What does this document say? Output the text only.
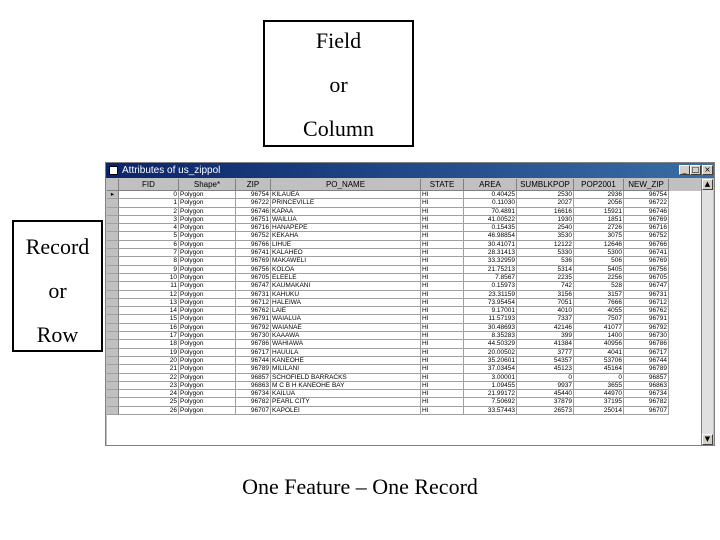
Field
or
Column
Attributes of us_zippol	_ □ ×
FID	Shape*	ZIP	PO_NAME	STATE	AREA	SUMBLKPOP	POP2001	NEW_ZIP
▸	0 Polygon	96754 KILAUEA	HI	0.40425	2530	2936	96754
1 Polygon	96722 PRINCEVILLE	HI	0.11030	2027	2056	96722
2 Polygon	96746 KAPAA	HI	70.4891	16616	15921	96746
3 Polygon	96751 WAILUA	HI	41.00522	1930	1851	96769
4 Polygon	96716 HANAPEPE	HI	0.15435	2540	2726	96716
5 Polygon	96752 KEKAHA	HI	46.98854	3530	3075	96752
6 Polygon	96766 LIHUE	HI	30.41071	12122	12646	96766
7 Polygon	96741 KALAHEO	HI	28.31413	5330	5300	96741
8 Polygon	96769 MAKAWELI	HI	33.32959	536	506	96769
9 Polygon	96756 KOLOA	HI	21.75213	5314	5405	96756
10 Polygon	96705 ELEELE	HI	7.8567	2235	2256	96705
11 Polygon	96747 KAUMAKANI	HI	0.15973	742	528	96747
12 Polygon	96731 KAHUKU	HI	23.31159	3156	3157	96731
13 Polygon	96712 HALEIWA	HI	73.95454	7051	7666	96712
14 Polygon	96762 LAIE	HI	9.17001	4010	4055	96762
15 Polygon	96791 WAIALUA	HI	11.57193	7337	7507	96791
16 Polygon	96792 WAIANAE	HI	30.48693	42146	41077	96792
17 Polygon	96730 KAAAWA	HI	8.35283	399	1400	96730
18 Polygon	96786 WAHIAWA	HI	44.50329	41384	40956	96786
19 Polygon	96717 HAUULA	HI	20.00502	3777	4041	96717
20 Polygon	96744 KANEOHE	HI	35.20601	54357	53706	96744
21 Polygon	96789 MILILANI	HI	37.03454	45123	45164	96789
22 Polygon	96857 SCHOFIELD BARRACKS	HI	3.00001	0	0	96857
23 Polygon	96863 M C B H KANEOHE BAY	HI	1.09455	9937	3655	96863
24 Polygon	96734 KAILUA	HI	21.99172	45440	44970	96734
25 Polygon	96782 PEARL CITY	HI	7.50692	37879	37195	96782
26 Polygon	96707 KAPOLEI	HI	33.57443	26573	25014	96707
▲
▼
Record
or
Row
One Feature – One Record
